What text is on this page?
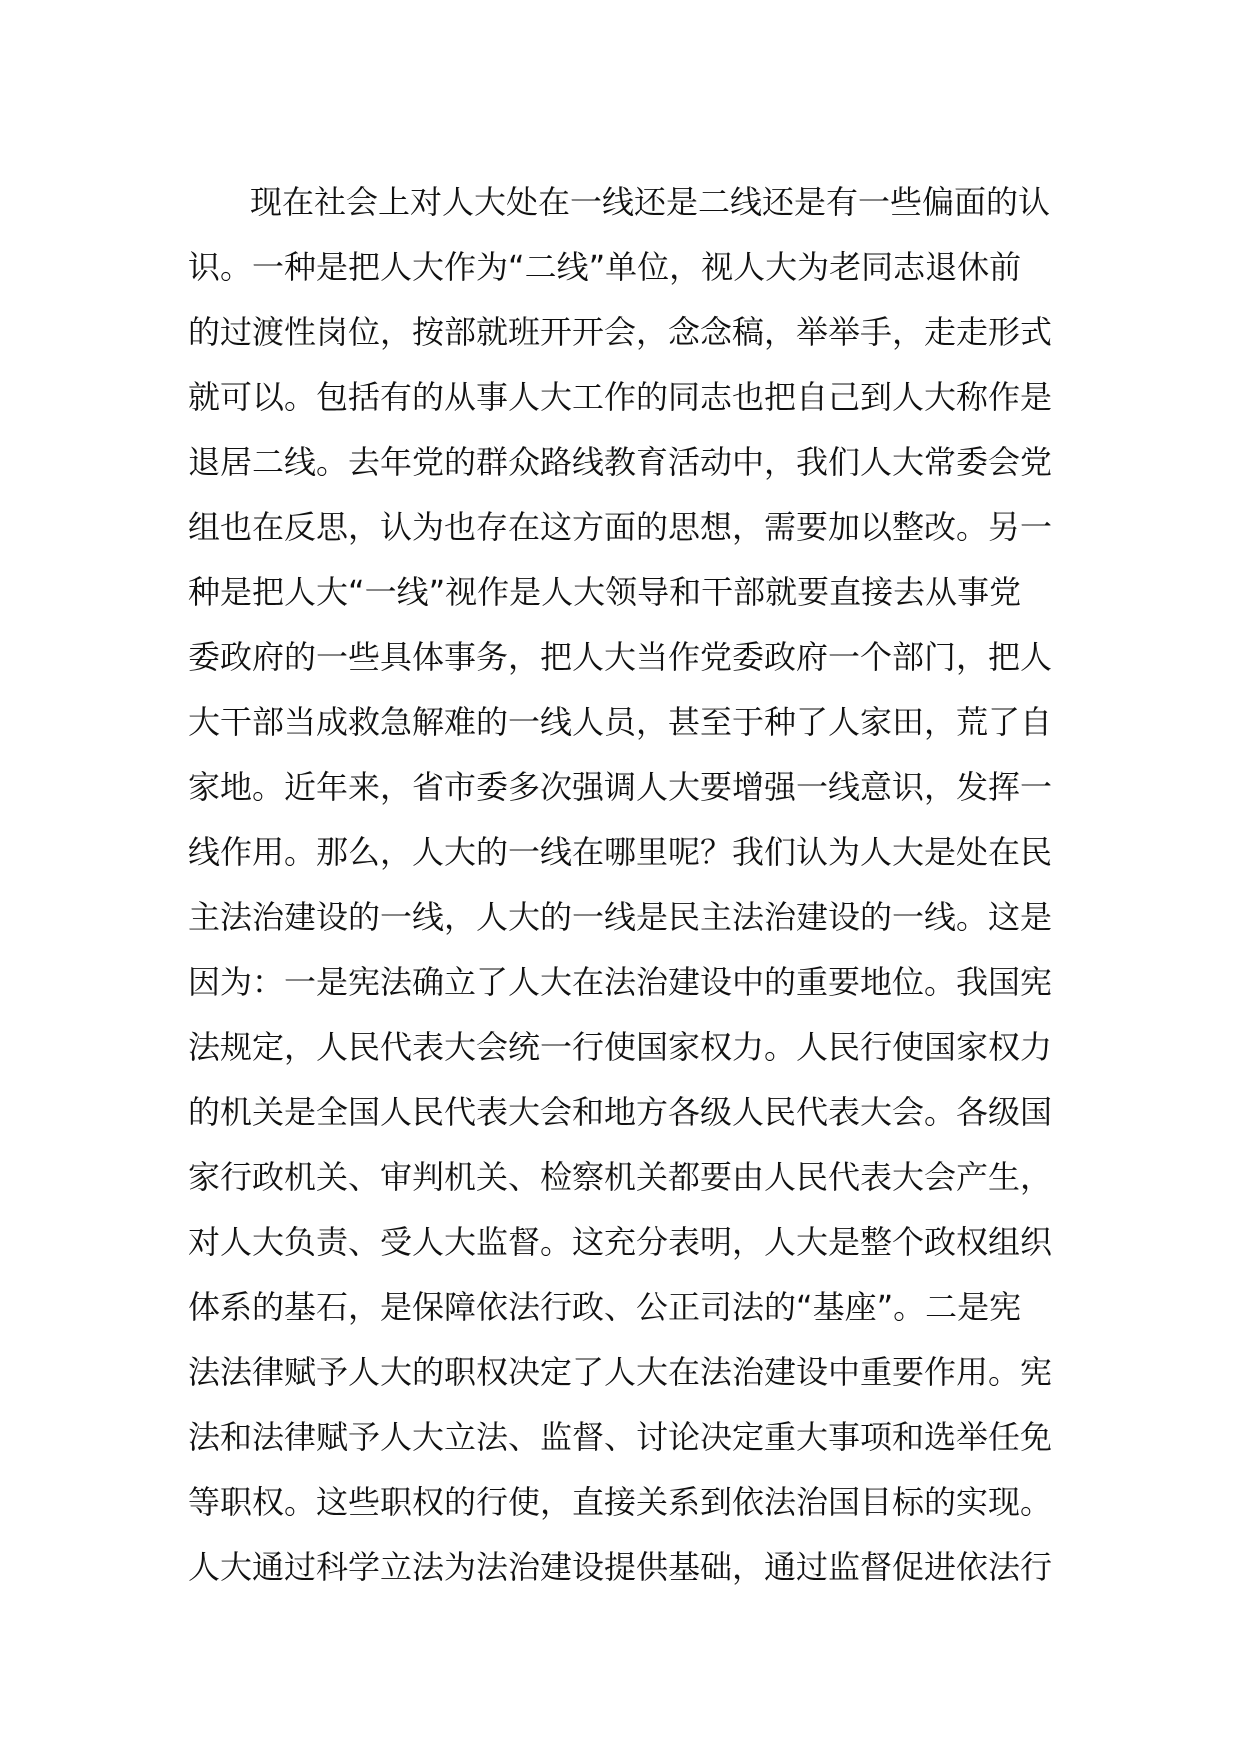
现在社会上对人大处在一线还是二线还是有一些偏面的认
识。一种是把人大作为“二线”单位，视人大为老同志退休前
的过渡性岗位，按部就班开开会，念念稿，举举手，走走形式
就可以。包括有的从事人大工作的同志也把自己到人大称作是
退居二线。去年党的群众路线教育活动中，我们人大常委会党
组也在反思，认为也存在这方面的思想，需要加以整改。另一
种是把人大“一线”视作是人大领导和干部就要直接去从事党
委政府的一些具体事务，把人大当作党委政府一个部门，把人
大干部当成救急解难的一线人员，甚至于种了人家田，荒了自
家地。近年来，省市委多次强调人大要增强一线意识，发挥一
线作用。那么，人大的一线在哪里呢？我们认为人大是处在民
主法治建设的一线，人大的一线是民主法治建设的一线。这是
因为：一是宪法确立了人大在法治建设中的重要地位。我国宪
法规定，人民代表大会统一行使国家权力。人民行使国家权力
的机关是全国人民代表大会和地方各级人民代表大会。各级国
家行政机关、审判机关、检察机关都要由人民代表大会产生，
对人大负责、受人大监督。这充分表明，人大是整个政权组织
体系的基石，是保障依法行政、公正司法的“基座”。二是宪
法法律赋予人大的职权决定了人大在法治建设中重要作用。宪
法和法律赋予人大立法、监督、讨论决定重大事项和选举任免
等职权。这些职权的行使，直接关系到依法治国目标的实现。
人大通过科学立法为法治建设提供基础，通过监督促进依法行
